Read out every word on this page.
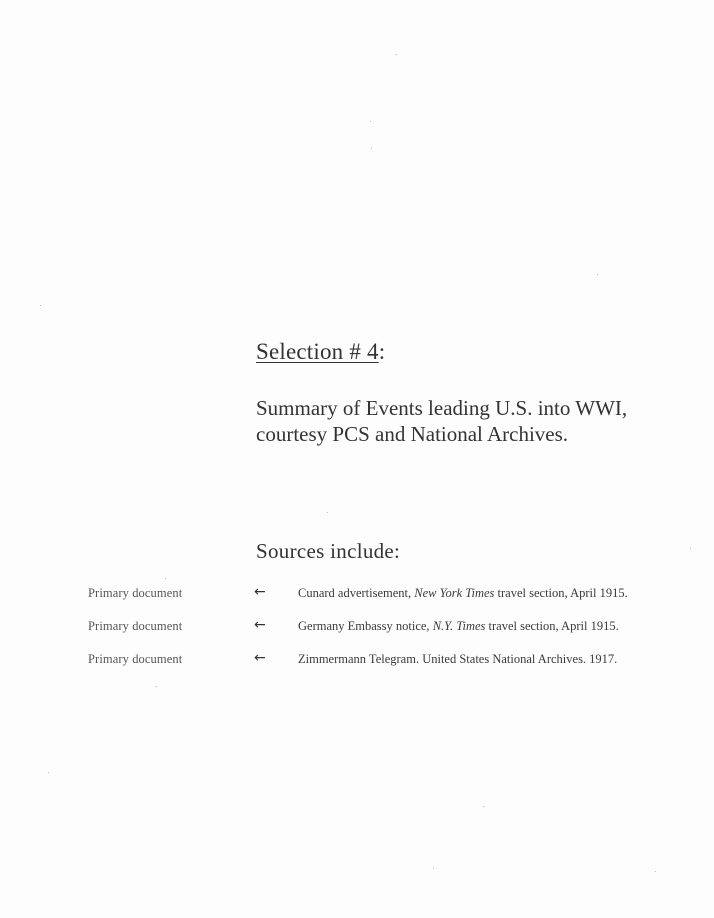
Selection # 4:
Summary of Events leading U.S. into WWI,
courtesy PCS and National Archives.
Sources include:
Primary document	←	Cunard advertisement, New York Times travel section, April 1915.
Primary document	←	Germany Embassy notice, N.Y. Times travel section, April 1915.
Primary document	←	Zimmermann Telegram. United States National Archives. 1917.
